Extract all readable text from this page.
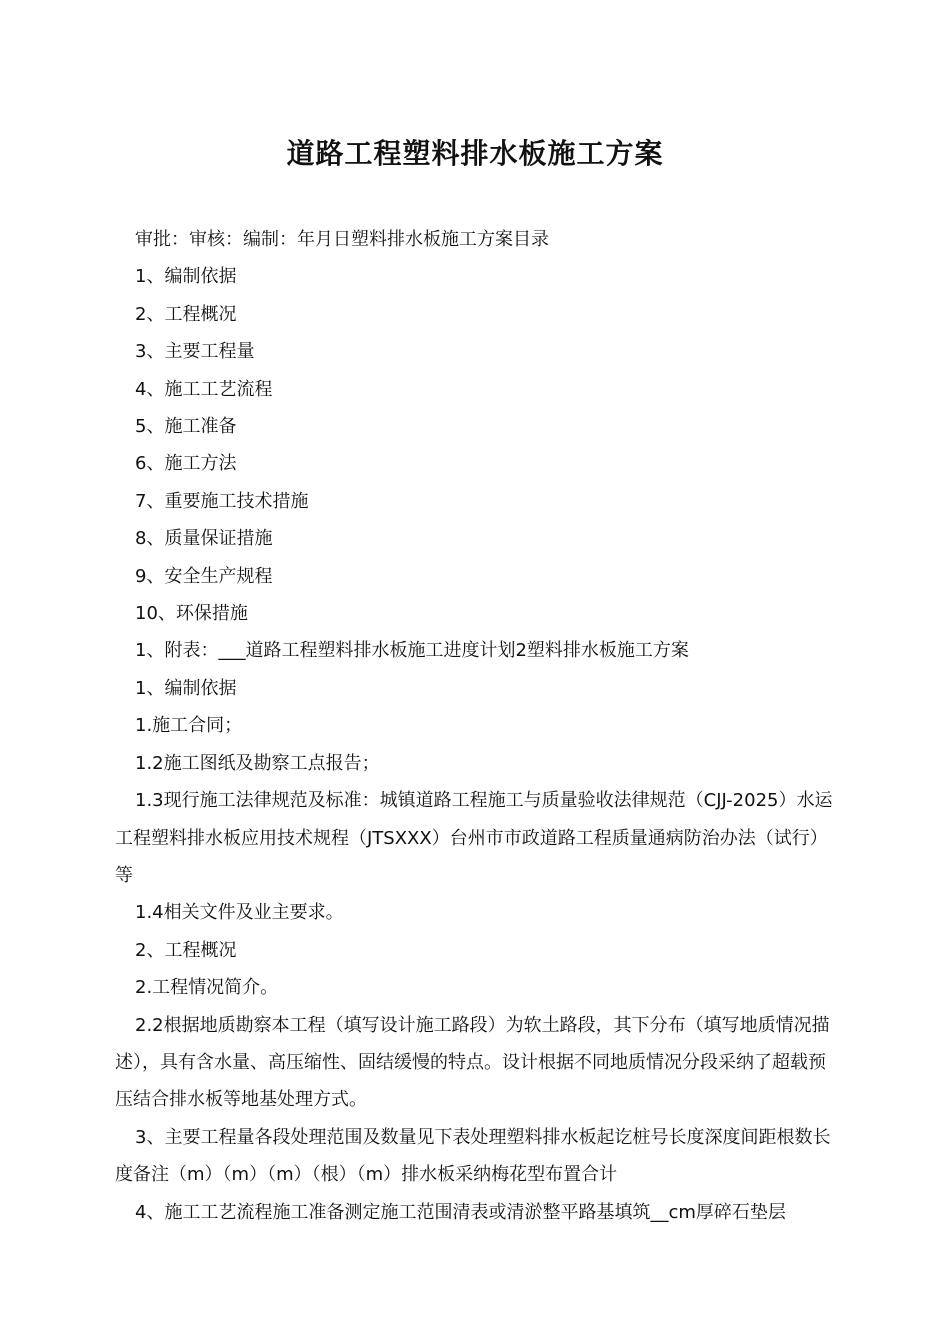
道路工程塑料排水板施工方案

审批：审核：编制：年月日塑料排水板施工方案目录

1、编制依据

2、工程概况

3、主要工程量

4、施工工艺流程

5、施工准备

6、施工方法

7、重要施工技术措施

8、质量保证措施

9、安全生产规程

10、环保措施

1、附表：___道路工程塑料排水板施工进度计划2塑料排水板施工方案

1、编制依据

1.施工合同；

1.2施工图纸及勘察工点报告；

1.3现行施工法律规范及标准：城镇道路工程施工与质量验收法律规范（CJJ-2025）水运工程塑料排水板应用技术规程（JTSXXX）台州市市政道路工程质量通病防治办法（试行）等

1.4相关文件及业主要求。

2、工程概况

2.工程情况简介。

2.2根据地质勘察本工程（填写设计施工路段）为软土路段，其下分布（填写地质情况描述），具有含水量、高压缩性、固结缓慢的特点。设计根据不同地质情况分段采纳了超载预压结合排水板等地基处理方式。

3、主要工程量各段处理范围及数量见下表处理塑料排水板起讫桩号长度深度间距根数长度备注（m）（m）（m）（根）（m）排水板采纳梅花型布置合计

4、施工工艺流程施工准备测定施工范围清表或清淤整平路基填筑__cm厚碎石垫层
